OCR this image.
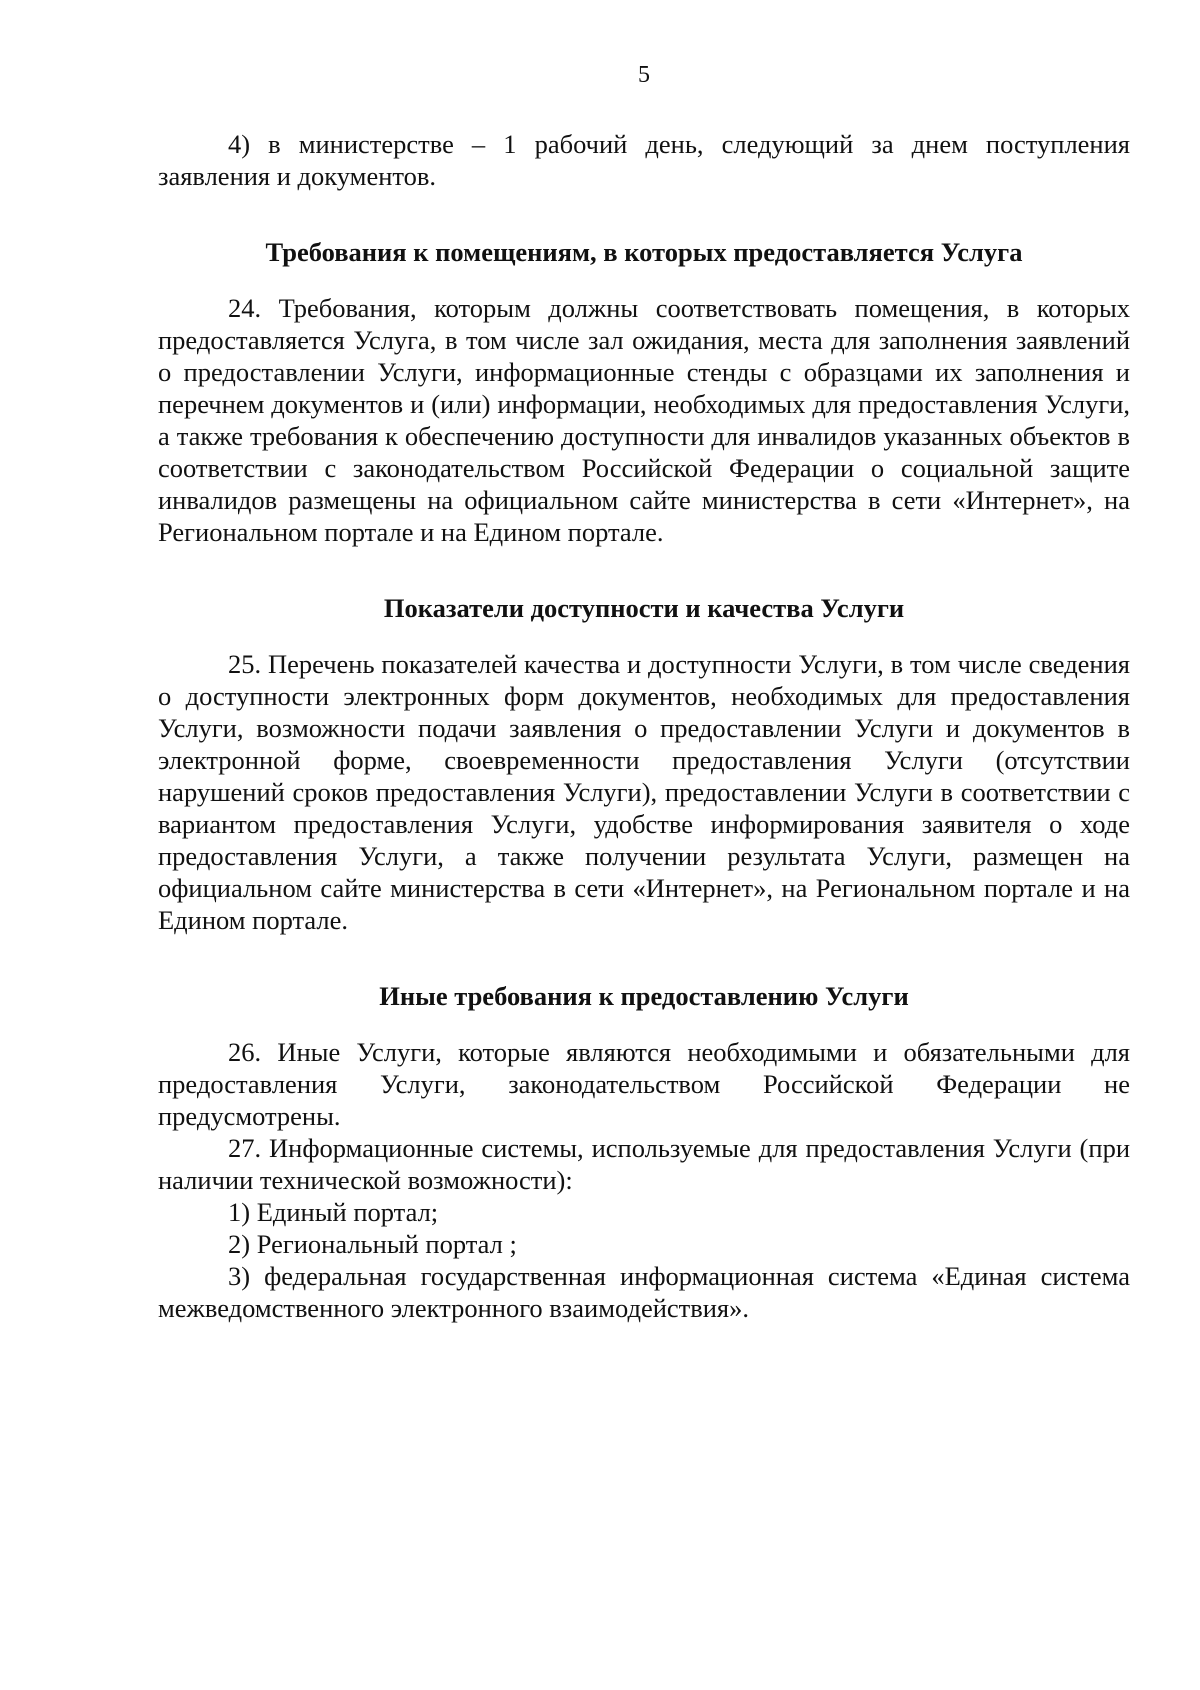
5

4) в министерстве – 1 рабочий день, следующий за днем поступления заявления и документов.

Требования к помещениям, в которых предоставляется Услуга

24. Требования, которым должны соответствовать помещения, в которых предоставляется Услуга, в том числе зал ожидания, места для заполнения заявлений о предоставлении Услуги, информационные стенды с образцами их заполнения и перечнем документов и (или) информации, необходимых для предоставления Услуги, а также требования к обеспечению доступности для инвалидов указанных объектов в соответствии с законодательством Российской Федерации о социальной защите инвалидов размещены на официальном сайте министерства в сети «Интернет», на Региональном портале и на Едином портале.

Показатели доступности и качества Услуги

25. Перечень показателей качества и доступности Услуги, в том числе сведения о доступности электронных форм документов, необходимых для предоставления Услуги, возможности подачи заявления о предоставлении Услуги и документов в электронной форме, своевременности предоставления Услуги (отсутствии нарушений сроков предоставления Услуги), предоставлении Услуги в соответствии с вариантом предоставления Услуги, удобстве информирования заявителя о ходе предоставления Услуги, а также получении результата Услуги, размещен на официальном сайте министерства в сети «Интернет», на Региональном портале и на Едином портале.

Иные требования к предоставлению Услуги

26. Иные Услуги, которые являются необходимыми и обязательными для предоставления Услуги, законодательством Российской Федерации не предусмотрены.

27. Информационные системы, используемые для предоставления Услуги (при наличии технической возможности):

1) Единый портал;

2) Региональный портал ;

3) федеральная государственная информационная система «Единая система межведомственного электронного взаимодействия».
